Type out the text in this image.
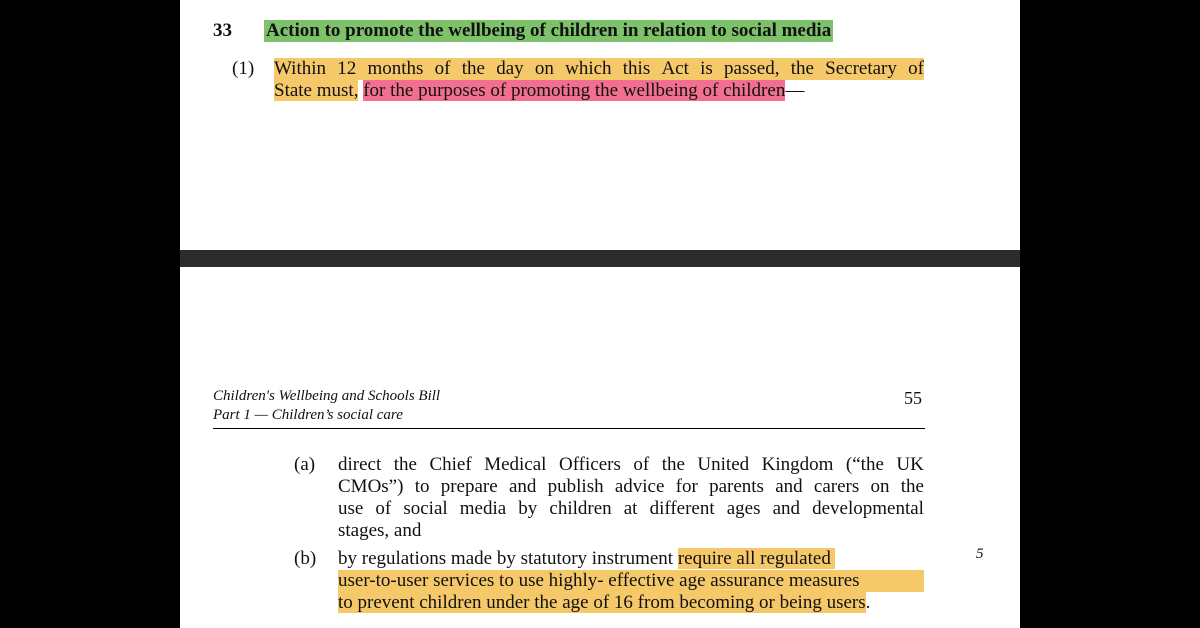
33 Action to promote the wellbeing of children in relation to social media
(1) Within 12 months of the day on which this Act is passed, the Secretary of
State must, for the purposes of promoting the wellbeing of children—
Children's Wellbeing and Schools Bill
Part 1 — Children’s social care
55
(a) direct the Chief Medical Officers of the United Kingdom (“the UK
CMOs”) to prepare and publish advice for parents and carers on the
use of social media by children at different ages and developmental
stages, and
(b) by regulations made by statutory instrument require all regulated
user-to-user services to use highly- effective age assurance measures
to prevent children under the age of 16 from becoming or being users.
5
